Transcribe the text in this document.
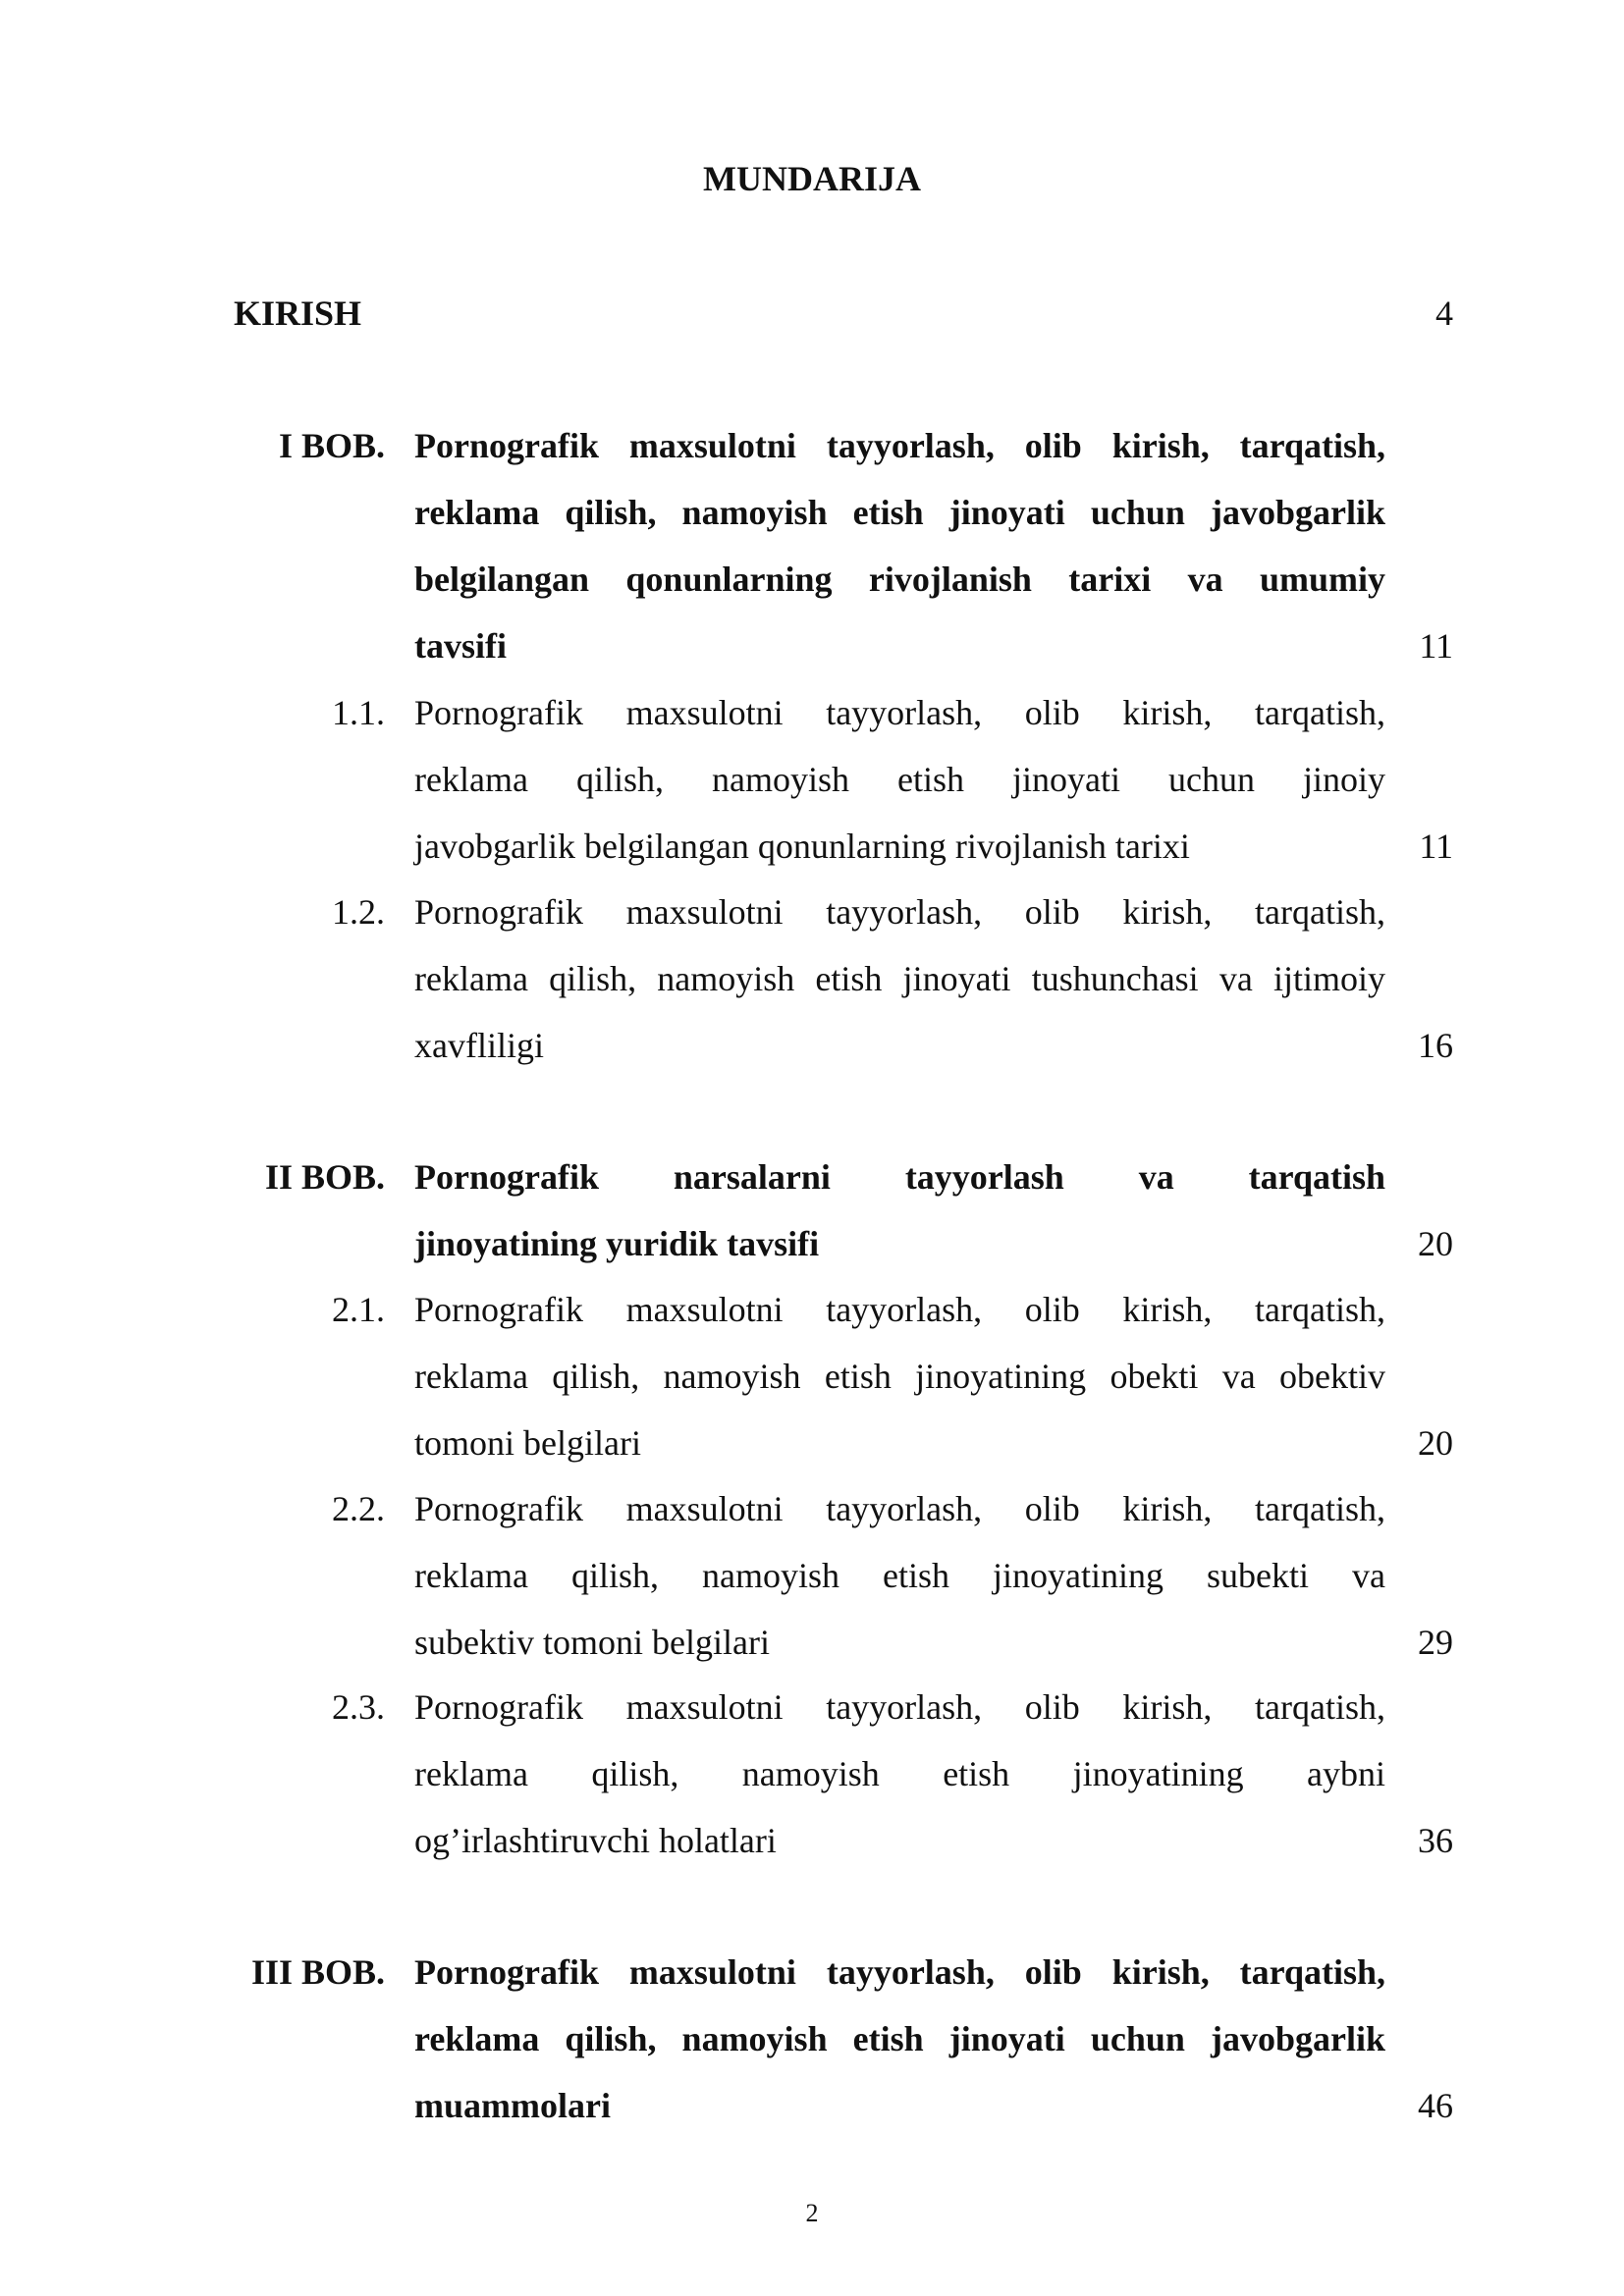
MUNDARIJA
KIRISH	4
I BOB. Pornografik maxsulotni tayyorlash, olib kirish, tarqatish,
reklama qilish, namoyish etish jinoyati uchun javobgarlik
belgilangan qonunlarning rivojlanish tarixi va umumiy
tavsifi	11
1.1. Pornografik maxsulotni tayyorlash, olib kirish, tarqatish,
reklama qilish, namoyish etish jinoyati uchun jinoiy
javobgarlik belgilangan qonunlarning rivojlanish tarixi	11
1.2. Pornografik maxsulotni tayyorlash, olib kirish, tarqatish,
reklama qilish, namoyish etish jinoyati tushunchasi va ijtimoiy
xavfliligi	16
II BOB. Pornografik narsalarni tayyorlash va tarqatish
jinoyatining yuridik tavsifi	20
2.1. Pornografik maxsulotni tayyorlash, olib kirish, tarqatish,
reklama qilish, namoyish etish jinoyatining obekti va obektiv
tomoni belgilari	20
2.2. Pornografik maxsulotni tayyorlash, olib kirish, tarqatish,
reklama qilish, namoyish etish jinoyatining subekti va
subektiv tomoni belgilari	29
2.3. Pornografik maxsulotni tayyorlash, olib kirish, tarqatish,
reklama qilish, namoyish etish jinoyatining aybni
og’irlashtiruvchi holatlari	36
III BOB. Pornografik maxsulotni tayyorlash, olib kirish, tarqatish,
reklama qilish, namoyish etish jinoyati uchun javobgarlik
muammolari	46
2
